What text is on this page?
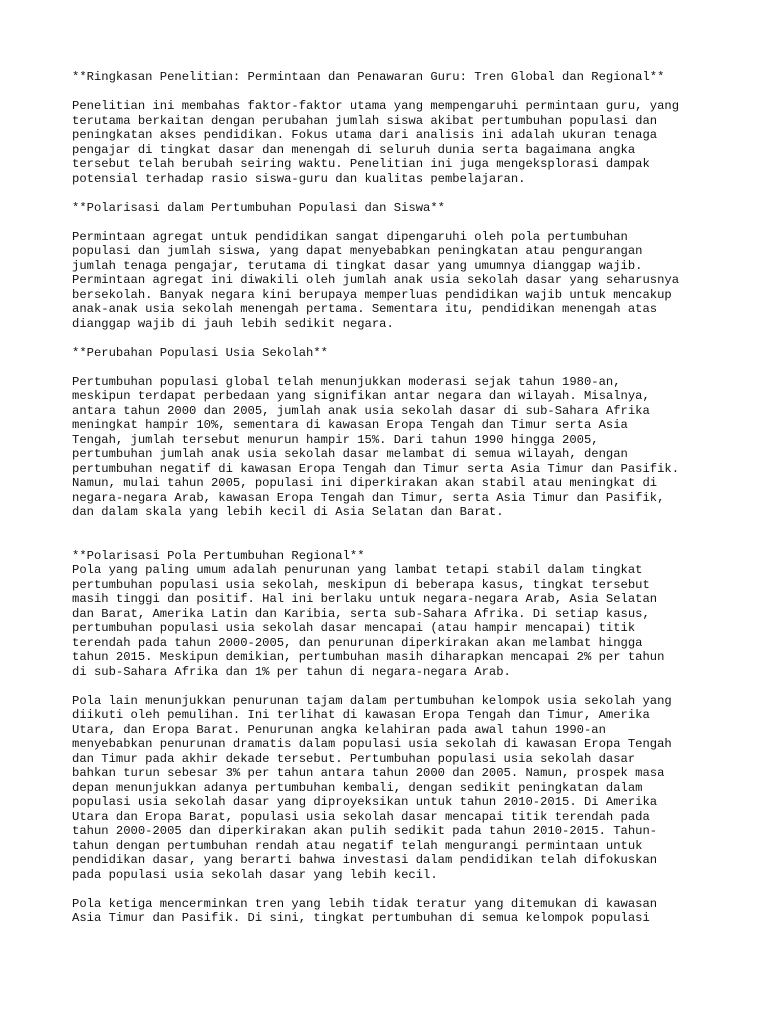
**Ringkasan Penelitian: Permintaan dan Penawaran Guru: Tren Global dan Regional**
Penelitian ini membahas faktor-faktor utama yang mempengaruhi permintaan guru, yang
terutama berkaitan dengan perubahan jumlah siswa akibat pertumbuhan populasi dan
peningkatan akses pendidikan. Fokus utama dari analisis ini adalah ukuran tenaga
pengajar di tingkat dasar dan menengah di seluruh dunia serta bagaimana angka
tersebut telah berubah seiring waktu. Penelitian ini juga mengeksplorasi dampak
potensial terhadap rasio siswa-guru dan kualitas pembelajaran.
**Polarisasi dalam Pertumbuhan Populasi dan Siswa**
Permintaan agregat untuk pendidikan sangat dipengaruhi oleh pola pertumbuhan
populasi dan jumlah siswa, yang dapat menyebabkan peningkatan atau pengurangan
jumlah tenaga pengajar, terutama di tingkat dasar yang umumnya dianggap wajib.
Permintaan agregat ini diwakili oleh jumlah anak usia sekolah dasar yang seharusnya
bersekolah. Banyak negara kini berupaya memperluas pendidikan wajib untuk mencakup
anak-anak usia sekolah menengah pertama. Sementara itu, pendidikan menengah atas
dianggap wajib di jauh lebih sedikit negara.
**Perubahan Populasi Usia Sekolah**
Pertumbuhan populasi global telah menunjukkan moderasi sejak tahun 1980-an,
meskipun terdapat perbedaan yang signifikan antar negara dan wilayah. Misalnya,
antara tahun 2000 dan 2005, jumlah anak usia sekolah dasar di sub-Sahara Afrika
meningkat hampir 10%, sementara di kawasan Eropa Tengah dan Timur serta Asia
Tengah, jumlah tersebut menurun hampir 15%. Dari tahun 1990 hingga 2005,
pertumbuhan jumlah anak usia sekolah dasar melambat di semua wilayah, dengan
pertumbuhan negatif di kawasan Eropa Tengah dan Timur serta Asia Timur dan Pasifik.
Namun, mulai tahun 2005, populasi ini diperkirakan akan stabil atau meningkat di
negara-negara Arab, kawasan Eropa Tengah dan Timur, serta Asia Timur dan Pasifik,
dan dalam skala yang lebih kecil di Asia Selatan dan Barat.
**Polarisasi Pola Pertumbuhan Regional**
Pola yang paling umum adalah penurunan yang lambat tetapi stabil dalam tingkat
pertumbuhan populasi usia sekolah, meskipun di beberapa kasus, tingkat tersebut
masih tinggi dan positif. Hal ini berlaku untuk negara-negara Arab, Asia Selatan
dan Barat, Amerika Latin dan Karibia, serta sub-Sahara Afrika. Di setiap kasus,
pertumbuhan populasi usia sekolah dasar mencapai (atau hampir mencapai) titik
terendah pada tahun 2000-2005, dan penurunan diperkirakan akan melambat hingga
tahun 2015. Meskipun demikian, pertumbuhan masih diharapkan mencapai 2% per tahun
di sub-Sahara Afrika dan 1% per tahun di negara-negara Arab.
Pola lain menunjukkan penurunan tajam dalam pertumbuhan kelompok usia sekolah yang
diikuti oleh pemulihan. Ini terlihat di kawasan Eropa Tengah dan Timur, Amerika
Utara, dan Eropa Barat. Penurunan angka kelahiran pada awal tahun 1990-an
menyebabkan penurunan dramatis dalam populasi usia sekolah di kawasan Eropa Tengah
dan Timur pada akhir dekade tersebut. Pertumbuhan populasi usia sekolah dasar
bahkan turun sebesar 3% per tahun antara tahun 2000 dan 2005. Namun, prospek masa
depan menunjukkan adanya pertumbuhan kembali, dengan sedikit peningkatan dalam
populasi usia sekolah dasar yang diproyeksikan untuk tahun 2010-2015. Di Amerika
Utara dan Eropa Barat, populasi usia sekolah dasar mencapai titik terendah pada
tahun 2000-2005 dan diperkirakan akan pulih sedikit pada tahun 2010-2015. Tahun-
tahun dengan pertumbuhan rendah atau negatif telah mengurangi permintaan untuk
pendidikan dasar, yang berarti bahwa investasi dalam pendidikan telah difokuskan
pada populasi usia sekolah dasar yang lebih kecil.
Pola ketiga mencerminkan tren yang lebih tidak teratur yang ditemukan di kawasan
Asia Timur dan Pasifik. Di sini, tingkat pertumbuhan di semua kelompok populasi
